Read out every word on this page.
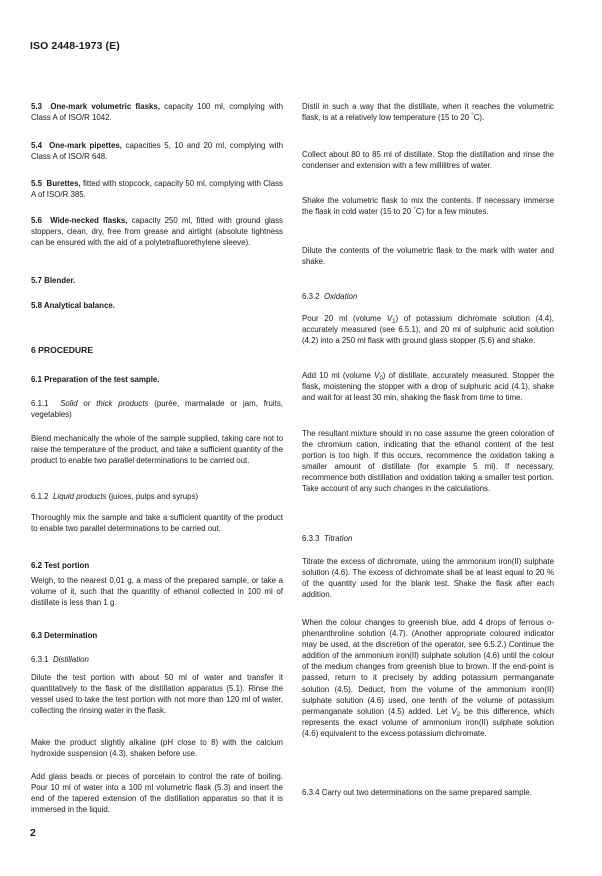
ISO 2448-1973 (E)

5.3 One-mark volumetric flasks, capacity 100 ml, complying with Class A of ISO/R 1042.

5.4 One-mark pipettes, capacities 5, 10 and 20 ml, complying with Class A of ISO/R 648.

5.5 Burettes, fitted with stopcock, capacity 50 ml, complying with Class A of ISO/R 385.

5.6 Wide-necked flasks, capacity 250 ml, fitted with ground glass stoppers, clean, dry, free from grease and airtight (absolute tightness can be ensured with the aid of a polytetrafluorethylene sleeve).

5.7 Blender.

5.8 Analytical balance.

6 PROCEDURE

6.1 Preparation of the test sample.

6.1.1 Solid or thick products (purée, marmalade or jam, fruits, vegetables)

Blend mechanically the whole of the sample supplied, taking care not to raise the temperature of the product, and take a sufficient quantity of the product to enable two parallel determinations to be carried out.

6.1.2 Liquid products (juices, pulps and syrups)

Thoroughly mix the sample and take a sufficient quantity of the product to enable two parallel determinations to be carried out.

6.2 Test portion

Weigh, to the nearest 0,01 g, a mass of the prepared sample, or take a volume of it, such that the quantity of ethanol collected in 100 ml of distillate is less than 1 g.

6.3 Determination

6.3.1 Distillation

Dilute the test portion with about 50 ml of water and transfer it quantitatively to the flask of the distillation apparatus (5.1). Rinse the vessel used to take the test portion with not more than 120 ml of water, collecting the rinsing water in the flask.

Make the product slightly alkaline (pH close to 8) with the calcium hydroxide suspension (4.3), shaken before use.

Add glass beads or pieces of porcelain to control the rate of boiling. Pour 10 ml of water into a 100 ml volumetric flask (5.3) and insert the end of the tapered extension of the distillation apparatus so that it is immersed in the liquid.

Distil in such a way that the distillate, when it reaches the volumetric flask, is at a relatively low temperature (15 to 20 °C).

Collect about 80 to 85 ml of distillate. Stop the distillation and rinse the condenser and extension with a few millilitres of water.

Shake the volumetric flask to mix the contents. If necessary immerse the flask in cold water (15 to 20 °C) for a few minutes.

Dilute the contents of the volumetric flask to the mark with water and shake.

6.3.2 Oxidation

Pour 20 ml (volume $V_1$) of potassium dichromate solution (4.4), accurately measured (see 6.5.1), and 20 ml of sulphuric acid solution (4.2) into a 250 ml flask with ground glass stopper (5.6) and shake.

Add 10 ml (volume $V_0$) of distillate, accurately measured. Stopper the flask, moistening the stopper with a drop of sulphuric acid (4.1), shake and wait for at least 30 min, shaking the flask from time to time.

The resultant mixture should in no case assume the green coloration of the chromium cation, indicating that the ethanol content of the test portion is too high. If this occurs, recommence the oxidation taking a smaller amount of distillate (for example 5 ml). If necessary, recommence both distillation and oxidation taking a smaller test portion. Take account of any such changes in the calculations.

6.3.3 Titration

Titrate the excess of dichromate, using the ammonium iron(II) sulphate solution (4.6). The excess of dichromate shall be at least equal to 20 % of the quantity used for the blank test. Shake the flask after each addition.

When the colour changes to greenish blue, add 4 drops of ferrous o-phenanthroline solution (4.7). (Another appropriate coloured indicator may be used, at the discretion of the operator, see 6.5.2.) Continue the addition of the ammonium iron(II) sulphate solution (4.6) until the colour of the medium changes from greenish blue to brown. If the end-point is passed, return to it precisely by adding potassium permanganate solution (4.5). Deduct, from the volume of the ammonium iron(II) sulphate solution (4.6) used, one tenth of the volume of potassium permanganate solution (4.5) added. Let $V_2$ be this difference, which represents the exact volume of ammonium iron(II) sulphate solution (4.6) equivalent to the excess potassium dichromate.

6.3.4 Carry out two determinations on the same prepared sample.

2
